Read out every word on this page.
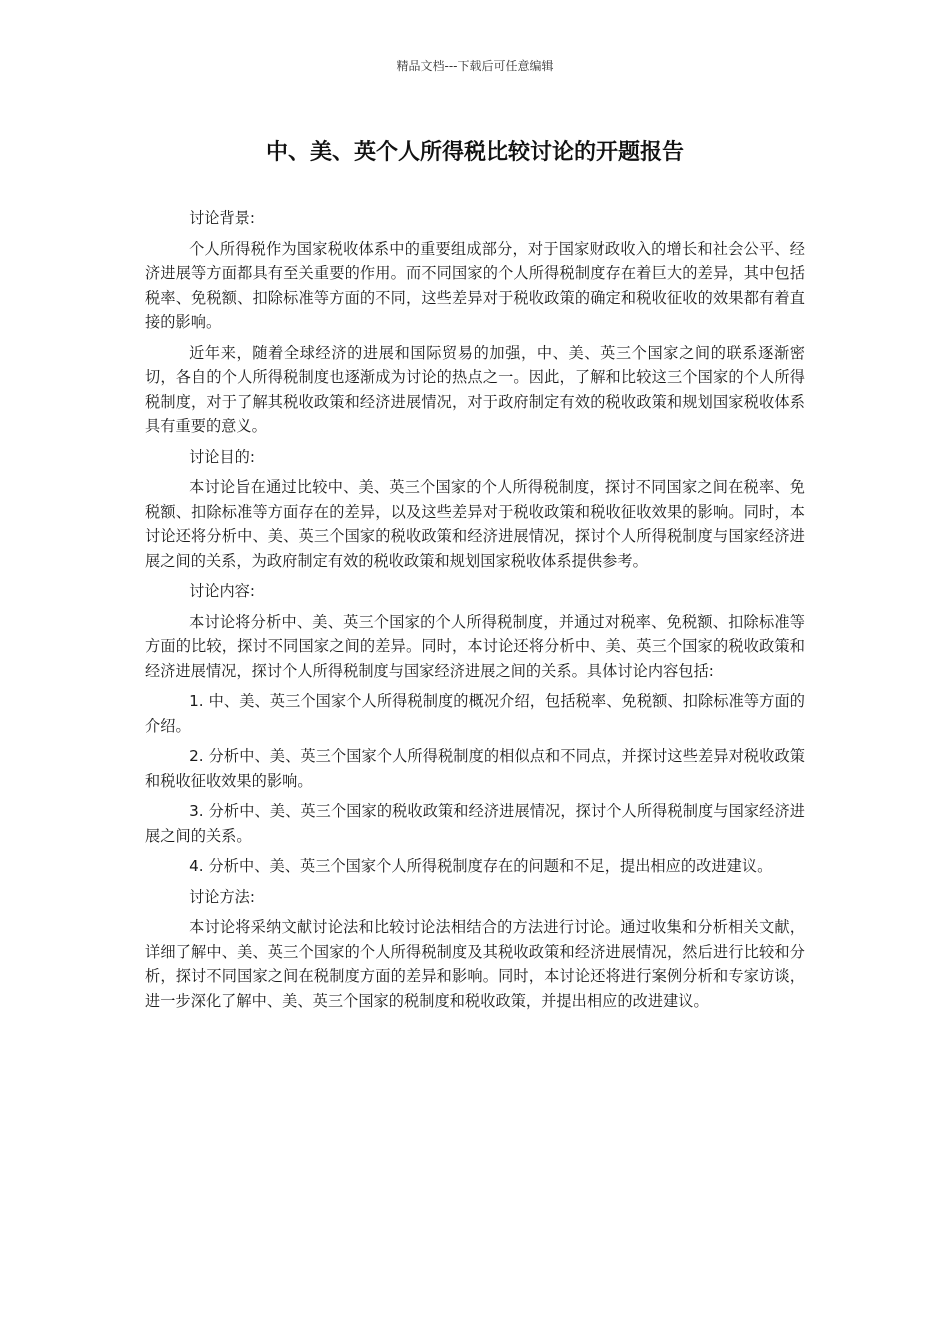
精品文档---下载后可任意编辑
中、美、英个人所得税比较讨论的开题报告
讨论背景:

个人所得税作为国家税收体系中的重要组成部分，对于国家财政收入的增长和社会公平、经济进展等方面都具有至关重要的作用。而不同国家的个人所得税制度存在着巨大的差异，其中包括税率、免税额、扣除标准等方面的不同，这些差异对于税收政策的确定和税收征收的效果都有着直接的影响。

近年来，随着全球经济的进展和国际贸易的加强，中、美、英三个国家之间的联系逐渐密切，各自的个人所得税制度也逐渐成为讨论的热点之一。因此，了解和比较这三个国家的个人所得税制度，对于了解其税收政策和经济进展情况，对于政府制定有效的税收政策和规划国家税收体系具有重要的意义。

讨论目的:

本讨论旨在通过比较中、美、英三个国家的个人所得税制度，探讨不同国家之间在税率、免税额、扣除标准等方面存在的差异，以及这些差异对于税收政策和税收征收效果的影响。同时，本讨论还将分析中、美、英三个国家的税收政策和经济进展情况，探讨个人所得税制度与国家经济进展之间的关系，为政府制定有效的税收政策和规划国家税收体系提供参考。

讨论内容:

本讨论将分析中、美、英三个国家的个人所得税制度，并通过对税率、免税额、扣除标准等方面的比较，探讨不同国家之间的差异。同时，本讨论还将分析中、美、英三个国家的税收政策和经济进展情况，探讨个人所得税制度与国家经济进展之间的关系。具体讨论内容包括:

1. 中、美、英三个国家个人所得税制度的概况介绍，包括税率、免税额、扣除标准等方面的介绍。

2. 分析中、美、英三个国家个人所得税制度的相似点和不同点，并探讨这些差异对税收政策和税收征收效果的影响。

3. 分析中、美、英三个国家的税收政策和经济进展情况，探讨个人所得税制度与国家经济进展之间的关系。

4. 分析中、美、英三个国家个人所得税制度存在的问题和不足，提出相应的改进建议。

讨论方法:

本讨论将采纳文献讨论法和比较讨论法相结合的方法进行讨论。通过收集和分析相关文献，详细了解中、美、英三个国家的个人所得税制度及其税收政策和经济进展情况，然后进行比较和分析，探讨不同国家之间在税制度方面的差异和影响。同时，本讨论还将进行案例分析和专家访谈，进一步深化了解中、美、英三个国家的税制度和税收政策，并提出相应的改进建议。
